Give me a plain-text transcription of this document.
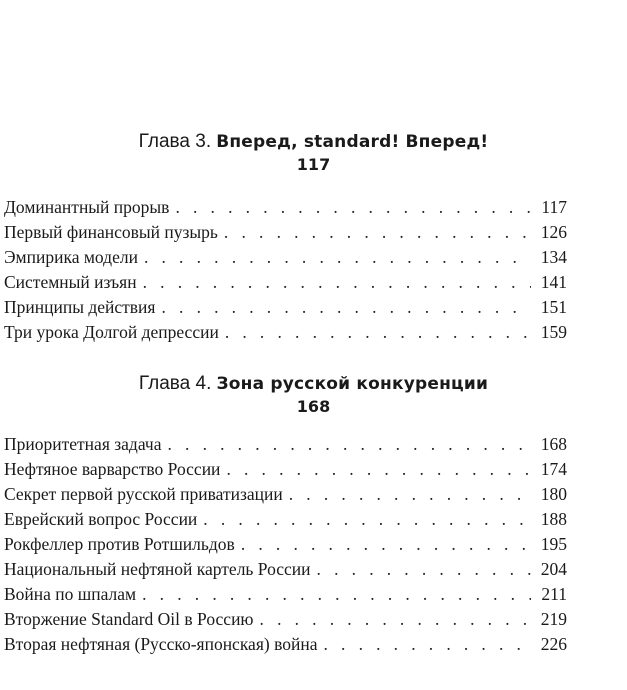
Глава 3. Вперед, standard! Вперед!
117
Доминантный прорыв . . .	117
Первый финансовый пузырь . . .	126
Эмпирика модели . . .	134
Системный изъян . . .	141
Принципы действия . . .	151
Три урока Долгой депрессии . . .	159
Глава 4. Зона русской конкуренции
168
Приоритетная задача . . .	168
Нефтяное варварство России . . .	174
Секрет первой русской приватизации . . .	180
Еврейский вопрос России . . .	188
Рокфеллер против Ротшильдов . . .	195
Национальный нефтяной картель России . . .	204
Война по шпалам . . .	211
Вторжение Standard Oil в Россию . . .	219
Вторая нефтяная (Русско-японская) война . . .	226
